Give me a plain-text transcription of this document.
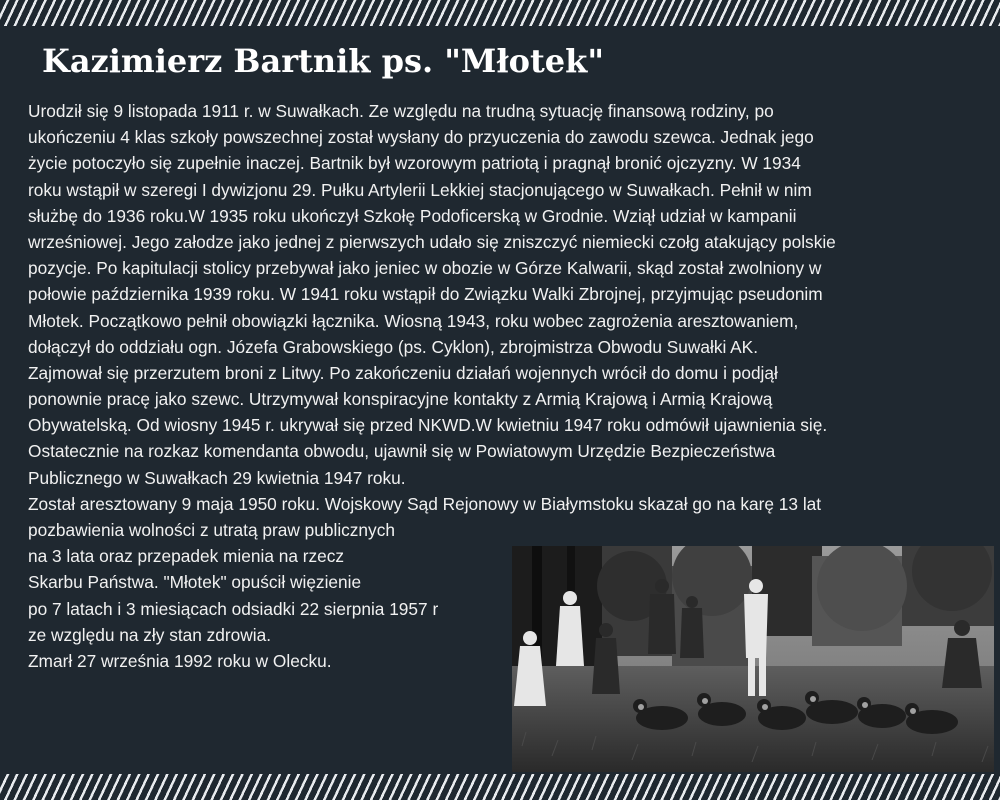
Kazimierz Bartnik ps. "Młotek"
Urodził się 9 listopada 1911 r. w Suwałkach. Ze względu na trudną sytuację finansową rodziny, po
ukończeniu 4 klas szkoły powszechnej został wysłany do przyuczenia do zawodu szewca. Jednak jego
życie potoczyło się zupełnie inaczej. Bartnik był wzorowym patriotą i pragnął bronić ojczyzny. W 1934
roku wstąpił w szeregi I dywizjonu 29. Pułku Artylerii Lekkiej stacjonującego w Suwałkach. Pełnił w nim
służbę do 1936 roku.W 1935 roku ukończył Szkołę Podoficerską w Grodnie. Wziął udział w kampanii
wrześniowej. Jego załodze jako jednej z pierwszych udało się zniszczyć niemiecki czołg atakujący polskie
pozycje. Po kapitulacji stolicy przebywał jako jeniec w obozie w Górze Kalwarii, skąd został zwolniony w
połowie października 1939 roku. W 1941 roku wstąpił do Związku Walki Zbrojnej, przyjmując pseudonim
Młotek. Początkowo pełnił obowiązki łącznika. Wiosną 1943, roku wobec zagrożenia aresztowaniem,
dołączył do oddziału ogn. Józefa Grabowskiego (ps. Cyklon), zbrojmistrza Obwodu Suwałki AK.
Zajmował się przerzutem broni z Litwy. Po zakończeniu działań wojennych wrócił do domu i podjął
ponownie pracę jako szewc. Utrzymywał konspiracyjne kontakty z Armią Krajową i Armią Krajową
Obywatelską. Od wiosny 1945 r. ukrywał się przed NKWD.W kwietniu 1947 roku odmówił ujawnienia się.
Ostatecznie na rozkaz komendanta obwodu, ujawnił się w Powiatowym Urzędzie Bezpieczeństwa
Publicznego w Suwałkach 29 kwietnia 1947 roku.
Został aresztowany 9 maja 1950 roku. Wojskowy Sąd Rejonowy w Białymstoku skazał go na karę 13 lat
pozbawienia wolności z utratą praw publicznych
na 3 lata oraz przepadek mienia na rzecz
Skarbu Państwa. "Młotek" opuścił więzienie
po 7 latach i 3 miesiącach odsiadki 22 sierpnia 1957 r
ze względu na zły stan zdrowia.
Zmarł 27 września 1992 roku w Olecku.
